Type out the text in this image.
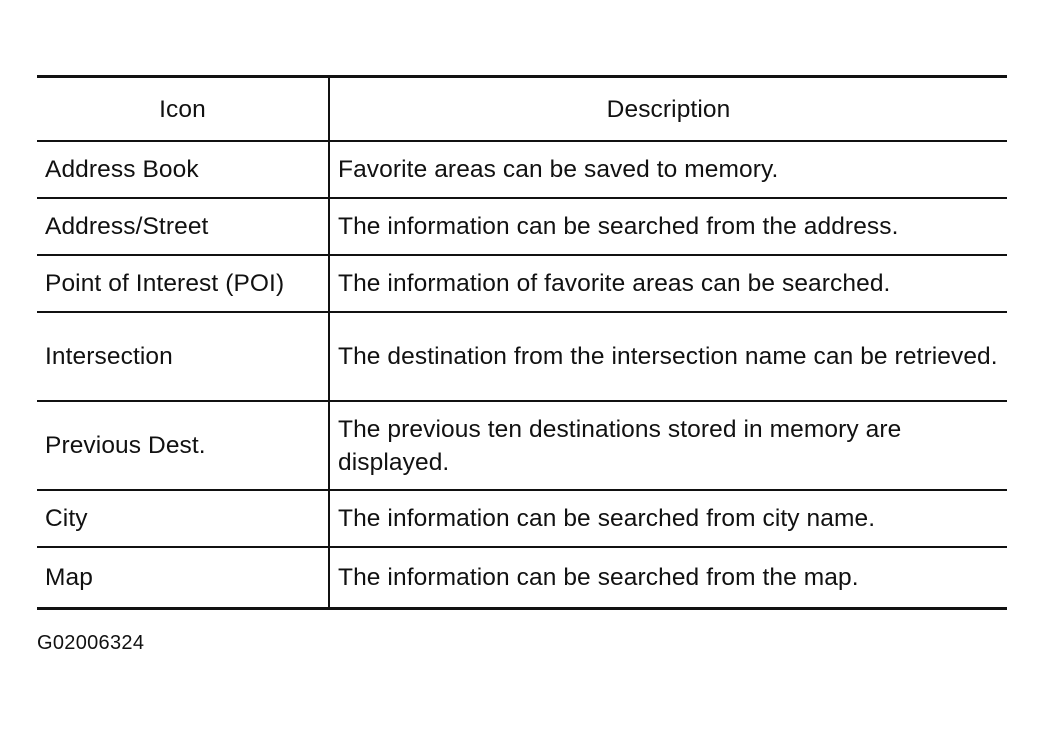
Icon	Description
Address Book	Favorite areas can be saved to memory.
Address/Street	The information can be searched from the address.
Point of Interest (POI)	The information of favorite areas can be searched.
Intersection	The destination from the intersection name can be retrieved.
Previous Dest.	The previous ten destinations stored in memory are displayed.
City	The information can be searched from city name.
Map	The information can be searched from the map.
G02006324
